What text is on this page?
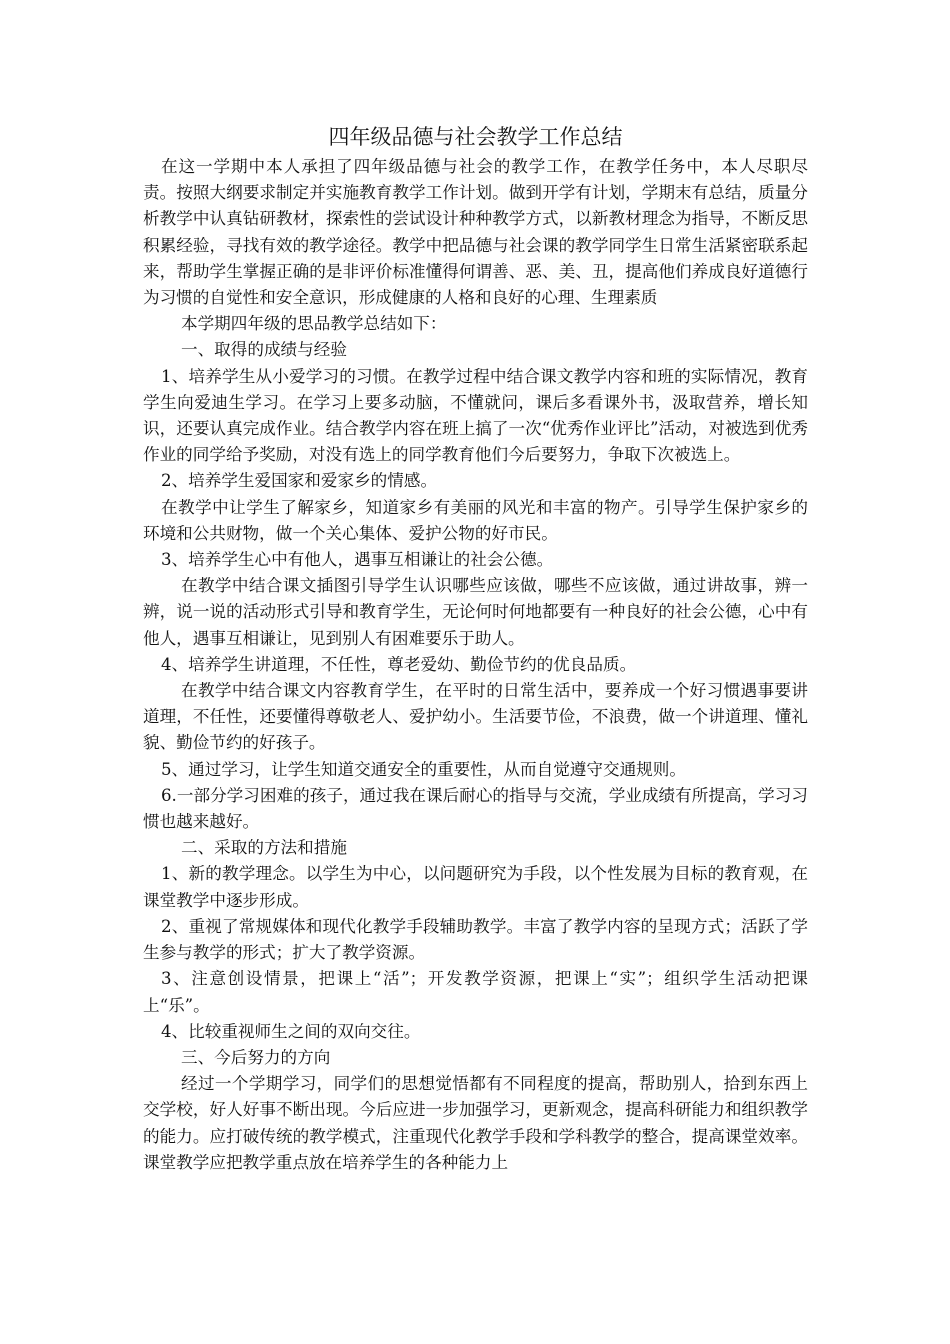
四年级品德与社会教学工作总结

在这一学期中本人承担了四年级品德与社会的教学工作，在教学任务中，本人尽职尽责。按照大纲要求制定并实施教育教学工作计划。做到开学有计划，学期末有总结，质量分析教学中认真钻研教材，探索性的尝试设计种种教学方式，以新教材理念为指导，不断反思积累经验，寻找有效的教学途径。教学中把品德与社会课的教学同学生日常生活紧密联系起来，帮助学生掌握正确的是非评价标准懂得何谓善、恶、美、丑，提高他们养成良好道德行为习惯的自觉性和安全意识，形成健康的人格和良好的心理、生理素质

本学期四年级的思品教学总结如下：

一、取得的成绩与经验

1、培养学生从小爱学习的习惯。在教学过程中结合课文教学内容和班的实际情况，教育学生向爱迪生学习。在学习上要多动脑，不懂就问，课后多看课外书，汲取营养，增长知识，还要认真完成作业。结合教学内容在班上搞了一次“优秀作业评比”活动，对被选到优秀作业的同学给予奖励，对没有选上的同学教育他们今后要努力，争取下次被选上。

2、培养学生爱国家和爱家乡的情感。

在教学中让学生了解家乡，知道家乡有美丽的风光和丰富的物产。引导学生保护家乡的环境和公共财物，做一个关心集体、爱护公物的好市民。

3、培养学生心中有他人，遇事互相谦让的社会公德。

在教学中结合课文插图引导学生认识哪些应该做，哪些不应该做，通过讲故事，辨一辨，说一说的活动形式引导和教育学生，无论何时何地都要有一种良好的社会公德，心中有他人，遇事互相谦让，见到别人有困难要乐于助人。

4、培养学生讲道理，不任性，尊老爱幼、勤俭节约的优良品质。

在教学中结合课文内容教育学生，在平时的日常生活中，要养成一个好习惯遇事要讲道理，不任性，还要懂得尊敬老人、爱护幼小。生活要节俭，不浪费，做一个讲道理、懂礼貌、勤俭节约的好孩子。

5、通过学习，让学生知道交通安全的重要性，从而自觉遵守交通规则。

6.一部分学习困难的孩子，通过我在课后耐心的指导与交流，学业成绩有所提高，学习习惯也越来越好。

二、采取的方法和措施

1、新的教学理念。以学生为中心，以问题研究为手段，以个性发展为目标的教育观，在课堂教学中逐步形成。

2、重视了常规媒体和现代化教学手段辅助教学。丰富了教学内容的呈现方式；活跃了学生参与教学的形式；扩大了教学资源。

3、注意创设情景，把课上“活”；开发教学资源，把课上“实”；组织学生活动把课上“乐”。

4、比较重视师生之间的双向交往。

三、今后努力的方向

经过一个学期学习，同学们的思想觉悟都有不同程度的提高，帮助别人，拾到东西上交学校，好人好事不断出现。今后应进一步加强学习，更新观念，提高科研能力和组织教学的能力。应打破传统的教学模式，注重现代化教学手段和学科教学的整合，提高课堂效率。课堂教学应把教学重点放在培养学生的各种能力上
